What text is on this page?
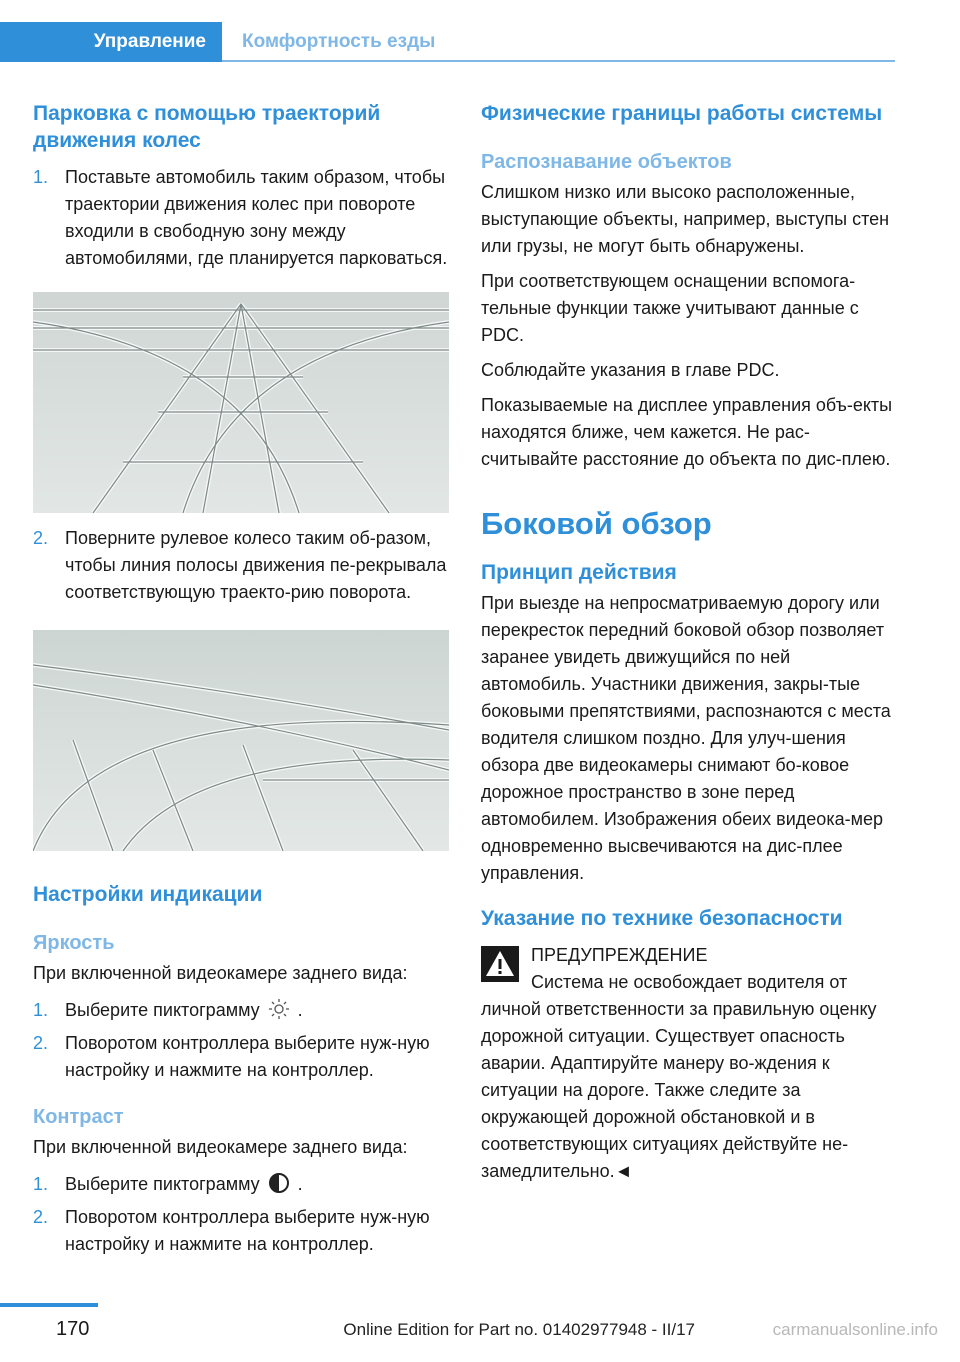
Управление	Комфортность езды
Парковка с помощью траекторий движения колес
1. Поставьте автомобиль таким образом, чтобы траектории движения колес при повороте входили в свободную зону между автомобилями, где планируется парковаться.
2. Поверните рулевое колесо таким об-разом, чтобы линия полосы движения пе-рекрывала соответствующую траекто-рию поворота.
Настройки индикации
Яркость

При включенной видеокамере заднего вида:

1. Выберите пиктограмму .
2. Поворотом контроллера выберите нуж-ную настройку и нажмите на контроллер.
Контраст

При включенной видеокамере заднего вида:

1. Выберите пиктограмму .
2. Поворотом контроллера выберите нуж-ную настройку и нажмите на контроллер.
Физические границы работы системы
Распознавание объектов

Слишком низко или высоко расположенные, выступающие объекты, например, выступы стен или грузы, не могут быть обнаружены.

При соответствующем оснащении вспомога-тельные функции также учитывают данные с PDC.

Соблюдайте указания в главе PDC.

Показываемые на дисплее управления объ-екты находятся ближе, чем кажется. Не рас-считывайте расстояние до объекта по дис-плею.

Боковой обзор
Принцип действия

При выезде на непросматриваемую дорогу или перекресток передний боковой обзор позволяет заранее увидеть движущийся по ней автомобиль. Участники движения, закры-тые боковыми препятствиями, распознаются с места водителя слишком поздно. Для улуч-шения обзора две видеокамеры снимают бо-ковое дорожное пространство в зоне перед автомобилем. Изображения обеих видеока-мер одновременно высвечиваются на дис-плее управления.

Указание по технике безопасности

ПРЕДУПРЕЖДЕНИЕ

Система не освобождает водителя от

личной ответственности за правильную оценку дорожной ситуации. Существует опасность аварии. Адаптируйте манеру во-ждения к ситуации на дороге. Также следите за окружающей дорожной обстановкой и в соответствующих ситуациях действуйте не-замедлительно.◄

170	Online Edition for Part no. 01402977948 - II/17	carmanualsonline.info
